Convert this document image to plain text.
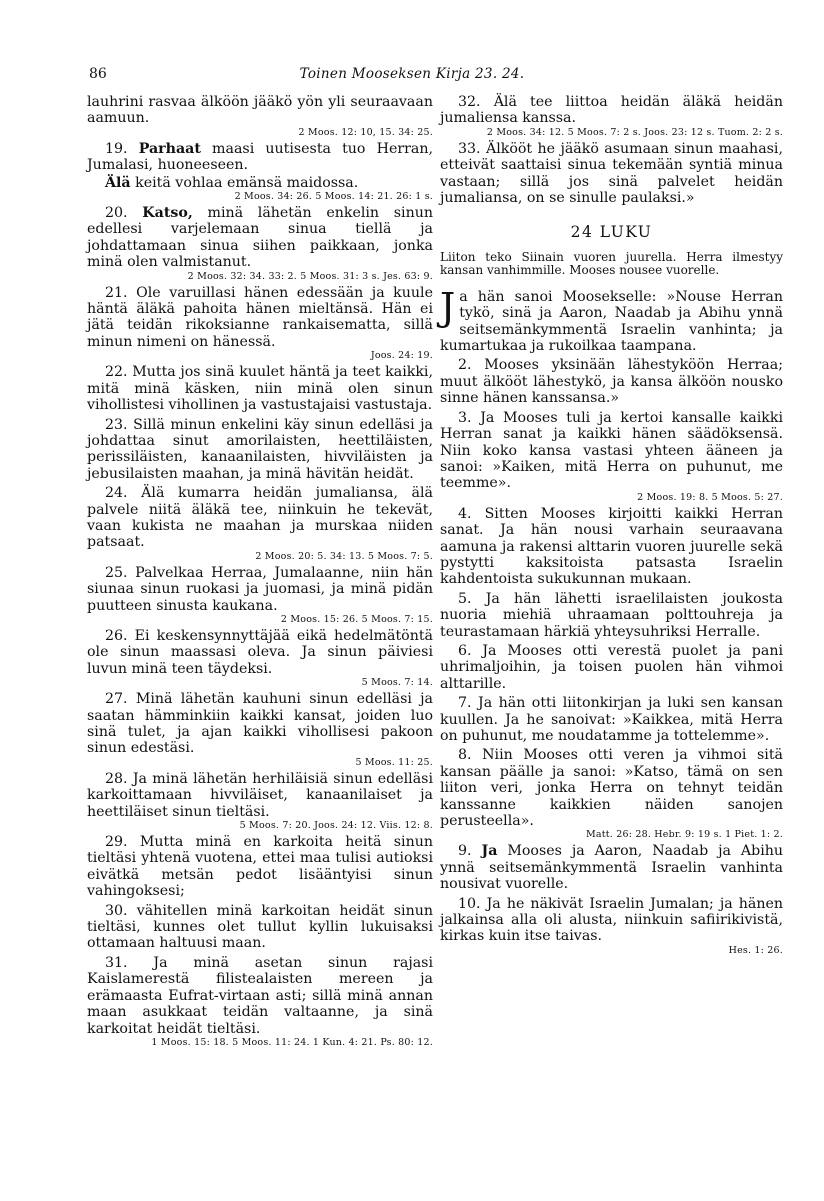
86	Toinen Mooseksen Kirja 23. 24.

lauhrini rasvaa älköön jääkö yön yli seuraavaan aamuun.
2 Moos. 12: 10, 15. 34: 25.

19. Parhaat maasi uutisesta tuo Herran, Jumalasi, huoneeseen.

Älä keitä vohlaa emänsä maidossa.
2 Moos. 34: 26. 5 Moos. 14: 21. 26: 1 s.

20. Katso, minä lähetän enkelin sinun edellesi varjelemaan sinua tiellä ja johdattamaan sinua siihen paikkaan, jonka minä olen valmistanut.
2 Moos. 32: 34. 33: 2. 5 Moos. 31: 3 s. Jes. 63: 9.

21. Ole varuillasi hänen edessään ja kuule häntä äläkä pahoita hänen mieltänsä. Hän ei jätä teidän rikoksianne rankaisematta, sillä minun nimeni on hänessä.
Joos. 24: 19.

22. Mutta jos sinä kuulet häntä ja teet kaikki, mitä minä käsken, niin minä olen sinun vihollistesi vihollinen ja vastustajaisi vastustaja.

23. Sillä minun enkelini käy sinun edelläsi ja johdattaa sinut amorilaisten, heettiläisten, perissiläisten, kanaanilaisten, hivviläisten ja jebusilaisten maahan, ja minä hävitän heidät.

24. Älä kumarra heidän jumaliansa, älä palvele niitä äläkä tee, niinkuin he tekevät, vaan kukista ne maahan ja murskaa niiden patsaat.
2 Moos. 20: 5. 34: 13. 5 Moos. 7: 5.

25. Palvelkaa Herraa, Jumalaanne, niin hän siunaa sinun ruokasi ja juomasi, ja minä pidän puutteen sinusta kaukana.
2 Moos. 15: 26. 5 Moos. 7: 15.

26. Ei keskensynnyttäjää eikä hedelmätöntä ole sinun maassasi oleva. Ja sinun päiviesi luvun minä teen täydeksi.
5 Moos. 7: 14.

27. Minä lähetän kauhuni sinun edelläsi ja saatan hämminkiin kaikki kansat, joiden luo sinä tulet, ja ajan kaikki vihollisesi pakoon sinun edestäsi.
5 Moos. 11: 25.

28. Ja minä lähetän herhiläisiä sinun edelläsi karkoittamaan hivviläiset, kanaanilaiset ja heettiläiset sinun tieltäsi.
5 Moos. 7: 20. Joos. 24: 12. Viis. 12: 8.

29. Mutta minä en karkoita heitä sinun tieltäsi yhtenä vuotena, ettei maa tulisi autioksi eivätkä metsän pedot lisääntyisi sinun vahingoksesi;

30. vähitellen minä karkoitan heidät sinun tieltäsi, kunnes olet tullut kyllin lukuisaksi ottamaan haltuusi maan.

31. Ja minä asetan sinun rajasi Kaislamerestä filistealaisten mereen ja erämaasta Eufrat-virtaan asti; sillä minä annan maan asukkaat teidän valtaanne, ja sinä karkoitat heidät tieltäsi.
1 Moos. 15: 18. 5 Moos. 11: 24. 1 Kun. 4: 21. Ps. 80: 12.

32. Älä tee liittoa heidän äläkä heidän jumaliensa kanssa.
2 Moos. 34: 12. 5 Moos. 7: 2 s. Joos. 23: 12 s. Tuom. 2: 2 s.

33. Älkööt he jääkö asumaan sinun maahasi, etteivät saattaisi sinua tekemään syntiä minua vastaan; sillä jos sinä palvelet heidän jumaliansa, on se sinulle paulaksi.»

24 LUKU

Liiton teko Siinain vuoren juurella. Herra ilmestyy kansan vanhimmille. Mooses nousee vuorelle.

Ja hän sanoi Moosekselle: »Nouse Herran tykö, sinä ja Aaron, Naadab ja Abihu ynnä seitsemänkymmentä Israelin vanhinta; ja kumartukaa ja rukoilkaa taampana.

2. Mooses yksinään lähestyköön Herraa; muut älkööt lähestykö, ja kansa älköön nousko sinne hänen kanssansa.»

3. Ja Mooses tuli ja kertoi kansalle kaikki Herran sanat ja kaikki hänen säädöksensä. Niin koko kansa vastasi yhteen ääneen ja sanoi: »Kaiken, mitä Herra on puhunut, me teemme».
2 Moos. 19: 8. 5 Moos. 5: 27.

4. Sitten Mooses kirjoitti kaikki Herran sanat. Ja hän nousi varhain seuraavana aamuna ja rakensi alttarin vuoren juurelle sekä pystytti kaksitoista patsasta Israelin kahdentoista sukukunnan mukaan.

5. Ja hän lähetti israelilaisten joukosta nuoria miehiä uhraamaan polttouhreja ja teurastamaan härkiä yhteysuhriksi Herralle.

6. Ja Mooses otti verestä puolet ja pani uhrimaljoihin, ja toisen puolen hän vihmoi alttarille.

7. Ja hän otti liitonkirjan ja luki sen kansan kuullen. Ja he sanoivat: »Kaikkea, mitä Herra on puhunut, me noudatamme ja tottelemme».

8. Niin Mooses otti veren ja vihmoi sitä kansan päälle ja sanoi: »Katso, tämä on sen liiton veri, jonka Herra on tehnyt teidän kanssanne kaikkien näiden sanojen perusteella».
Matt. 26: 28. Hebr. 9: 19 s. 1 Piet. 1: 2.

9. Ja Mooses ja Aaron, Naadab ja Abihu ynnä seitsemänkymmentä Israelin vanhinta nousivat vuorelle.

10. Ja he näkivät Israelin Jumalan; ja hänen jalkainsa alla oli alusta, niinkuin safiirikivistä, kirkas kuin itse taivas.
Hes. 1: 26.
